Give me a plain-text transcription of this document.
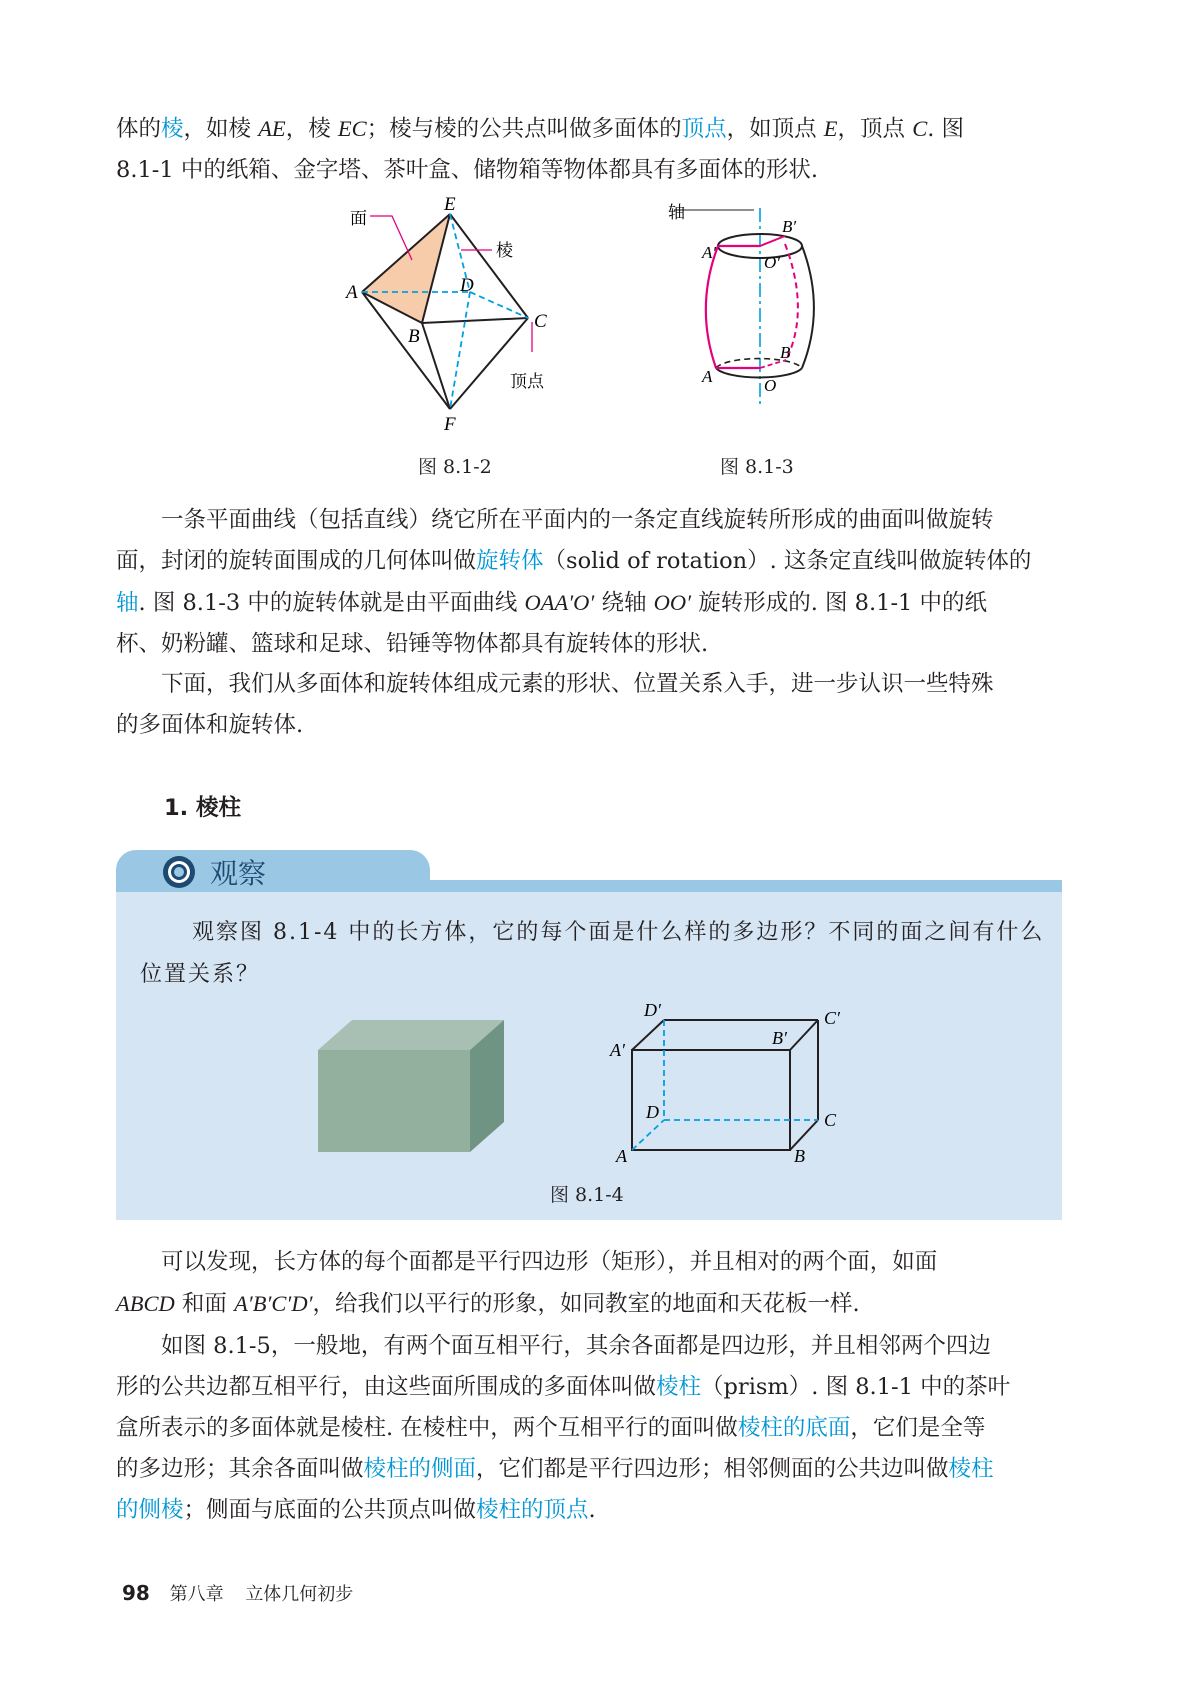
体的棱，如棱 AE，棱 EC；棱与棱的公共点叫做多面体的顶点，如顶点 E，顶点 C. 图
8.1-1 中的纸箱、金字塔、茶叶盒、储物箱等物体都具有多面体的形状.
面
棱
顶点
E
D
A
B
C
F
图 8.1-2
轴
B′
A′
O′
B
A	O
图 8.1-3
一条平面曲线（包括直线）绕它所在平面内的一条定直线旋转所形成的曲面叫做旋转
面，封闭的旋转面围成的几何体叫做旋转体（solid of rotation）. 这条定直线叫做旋转体的
轴. 图 8.1-3 中的旋转体就是由平面曲线 OAA′O′ 绕轴 OO′ 旋转形成的. 图 8.1-1 中的纸
杯、奶粉罐、篮球和足球、铅锤等物体都具有旋转体的形状.
下面，我们从多面体和旋转体组成元素的形状、位置关系入手，进一步认识一些特殊
的多面体和旋转体.
1. 棱柱
观察
观察图 8.1-4 中的长方体，它的每个面是什么样的多边形？不同的面之间有什么
位置关系？
D′	C′
A′
B′
D	C
A	B
图 8.1-4
可以发现，长方体的每个面都是平行四边形（矩形），并且相对的两个面，如面
ABCD 和面 A′B′C′D′，给我们以平行的形象，如同教室的地面和天花板一样.
如图 8.1-5，一般地，有两个面互相平行，其余各面都是四边形，并且相邻两个四边
形的公共边都互相平行，由这些面所围成的多面体叫做棱柱（prism）. 图 8.1-1 中的茶叶
盒所表示的多面体就是棱柱. 在棱柱中，两个互相平行的面叫做棱柱的底面，它们是全等
的多边形；其余各面叫做棱柱的侧面，它们都是平行四边形；相邻侧面的公共边叫做棱柱
的侧棱；侧面与底面的公共顶点叫做棱柱的顶点.
98 第八章 立体几何初步
